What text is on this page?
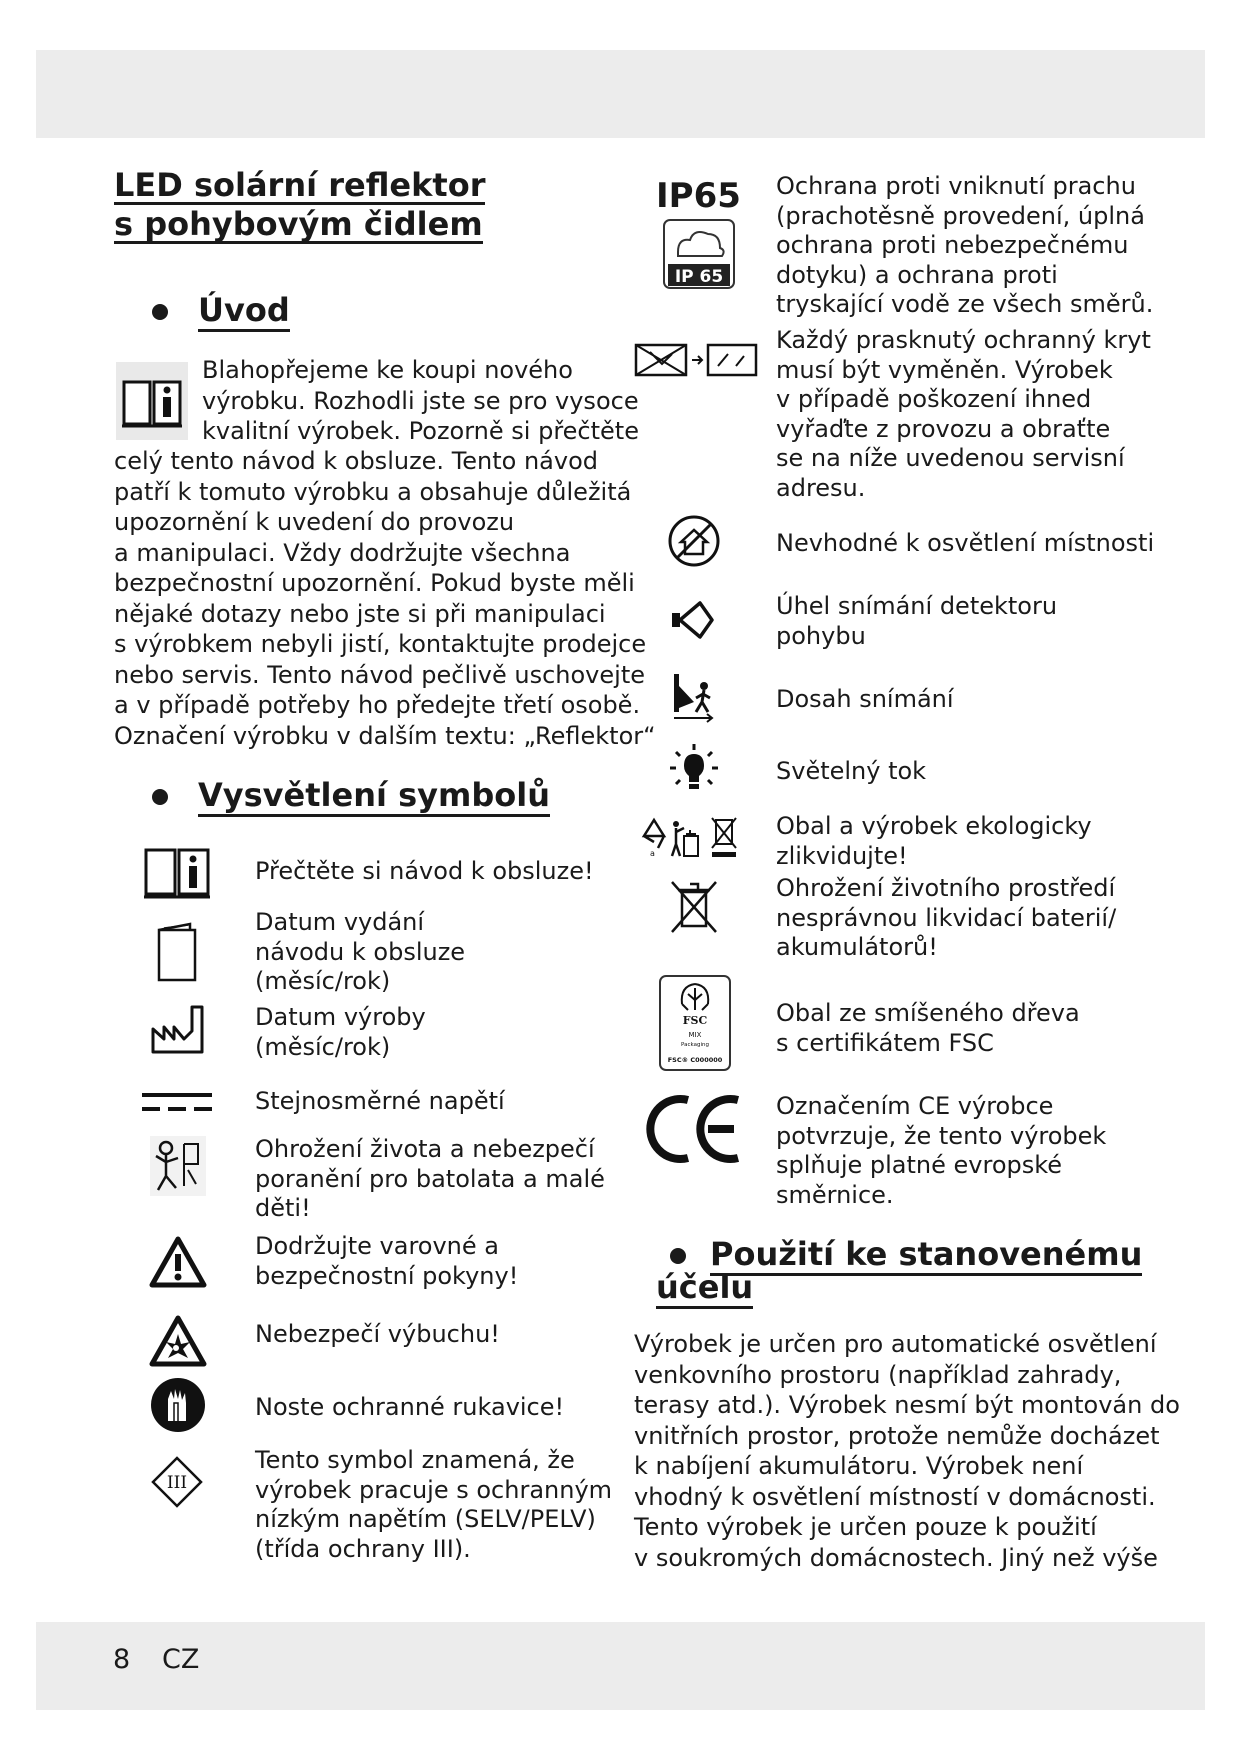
LED solární reflektor
s pohybovým čidlem
Úvod
Blahopřejeme ke koupi nového
výrobku. Rozhodli jste se pro vysoce
kvalitní výrobek. Pozorně si přečtěte
celý tento návod k obsluze. Tento návod
patří k tomuto výrobku a obsahuje důležitá
upozornění k uvedení do provozu
a manipulaci. Vždy dodržujte všechna
bezpečnostní upozornění. Pokud byste měli
nějaké dotazy nebo jste si při manipulaci
s výrobkem nebyli jistí, kontaktujte prodejce
nebo servis. Tento návod pečlivě uschovejte
a v případě potřeby ho předejte třetí osobě.
Označení výrobku v dalším textu: „Reflektor“
Vysvětlení symbolů
Přečtěte si návod k obsluze!
Datum vydání
návodu k obsluze
(měsíc/rok)
Datum výroby
(měsíc/rok)
Stejnosměrné napětí
Ohrožení života a nebezpečí
poranění pro batolata a malé
děti!
Dodržujte varovné a
bezpečnostní pokyny!
Nebezpečí výbuchu!
Noste ochranné rukavice!
III
Tento symbol znamená, že
výrobek pracuje s ochranným
nízkým napětím (SELV/PELV)
(třída ochrany III).
IP65
IP 65
Ochrana proti vniknutí prachu
(prachotěsně provedení, úplná
ochrana proti nebezpečnému
dotyku) a ochrana proti
tryskající vodě ze všech směrů.
Každý prasknutý ochranný kryt
musí být vyměněn. Výrobek
v případě poškození ihned
vyřaďte z provozu a obraťte
se na níže uvedenou servisní
adresu.
Nevhodné k osvětlení místnosti
Úhel snímání detektoru
pohybu
Dosah snímání
Světelný tok
a
Obal a výrobek ekologicky
zlikvidujte!
Ohrožení životního prostředí
nesprávnou likvidací baterií/
akumulátorů!
FSC
MIX
Packaging
FSC® C000000
Obal ze smíšeného dřeva
s certifikátem FSC
Označením CE výrobce
potvrzuje, že tento výrobek
splňuje platné evropské
směrnice.
Použití ke stanovenému
účelu
Výrobek je určen pro automatické osvětlení
venkovního prostoru (například zahrady,
terasy atd.). Výrobek nesmí být montován do
vnitřních prostor, protože nemůže docházet
k nabíjení akumulátoru. Výrobek není
vhodný k osvětlení místností v domácnosti.
Tento výrobek je určen pouze k použití
v soukromých domácnostech. Jiný než výše
8 CZ
